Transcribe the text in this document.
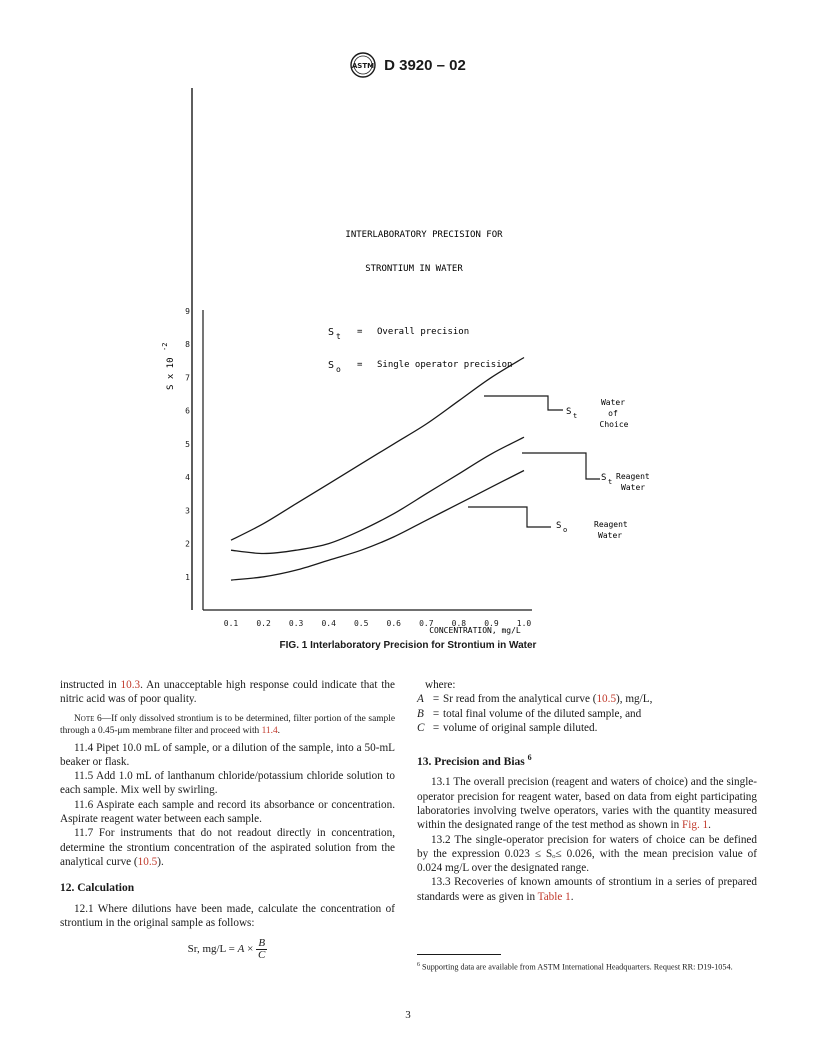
ASTM D 3920 – 02
1
2
3
4
5
6
7
8
9
0.1 0.2 0.3 0.4 0.5 0.6 0.7 0.8 0.9 1.0
INTERLABORATORY PRECISION FOR
STRONTIUM IN WATER
S t = Overall precision
S o = Single operator precision
S t
Water
of
Choice
S t
Reagent
Water
S o
Reagent
Water
S x 10
-2
CONCENTRATION, mg/L
FIG. 1 Interlaboratory Precision for Strontium in Water

instructed in 10.3. An unacceptable high response could indicate that the nitric acid was of poor quality.

Note 6—If only dissolved strontium is to be determined, filter portion of the sample through a 0.45-μm membrane filter and proceed with 11.4.

11.4 Pipet 10.0 mL of sample, or a dilution of the sample, into a 50-mL beaker or flask.

11.5 Add 1.0 mL of lanthanum chloride/potassium chloride solution to each sample. Mix well by swirling.

11.6 Aspirate each sample and record its absorbance or concentration. Aspirate reagent water between each sample.

11.7 For instruments that do not readout directly in concentration, determine the strontium concentration of the aspirated solution from the analytical curve (10.5).

12. Calculation

12.1 Where dilutions have been made, calculate the concentration of strontium in the original sample as follows:

Sr, $mg/L = A \times \frac{B}{C}$

where:

A = Sr read from the analytical curve (10.5), mg/L,
B = total final volume of the diluted sample, and
C = volume of original sample diluted.
13. Precision and Bias $^6$

13.1 The overall precision (reagent and waters of choice) and the single-operator precision for reagent water, based on data from eight participating laboratories involving twelve operators, varies with the quantity measured within the designated range of the test method as shown in Fig. 1.

13.2 The single-operator precision for waters of choice can be defined by the expression 0.023 ≤ Sₒ≤ 0.026, with the mean precision value of 0.024 mg/L over the designated range.

13.3 Recoveries of known amounts of strontium in a series of prepared standards were as given in Table 1.

$^6$ Supporting data are available from ASTM International Headquarters. Request RR: D19-1054.
3
